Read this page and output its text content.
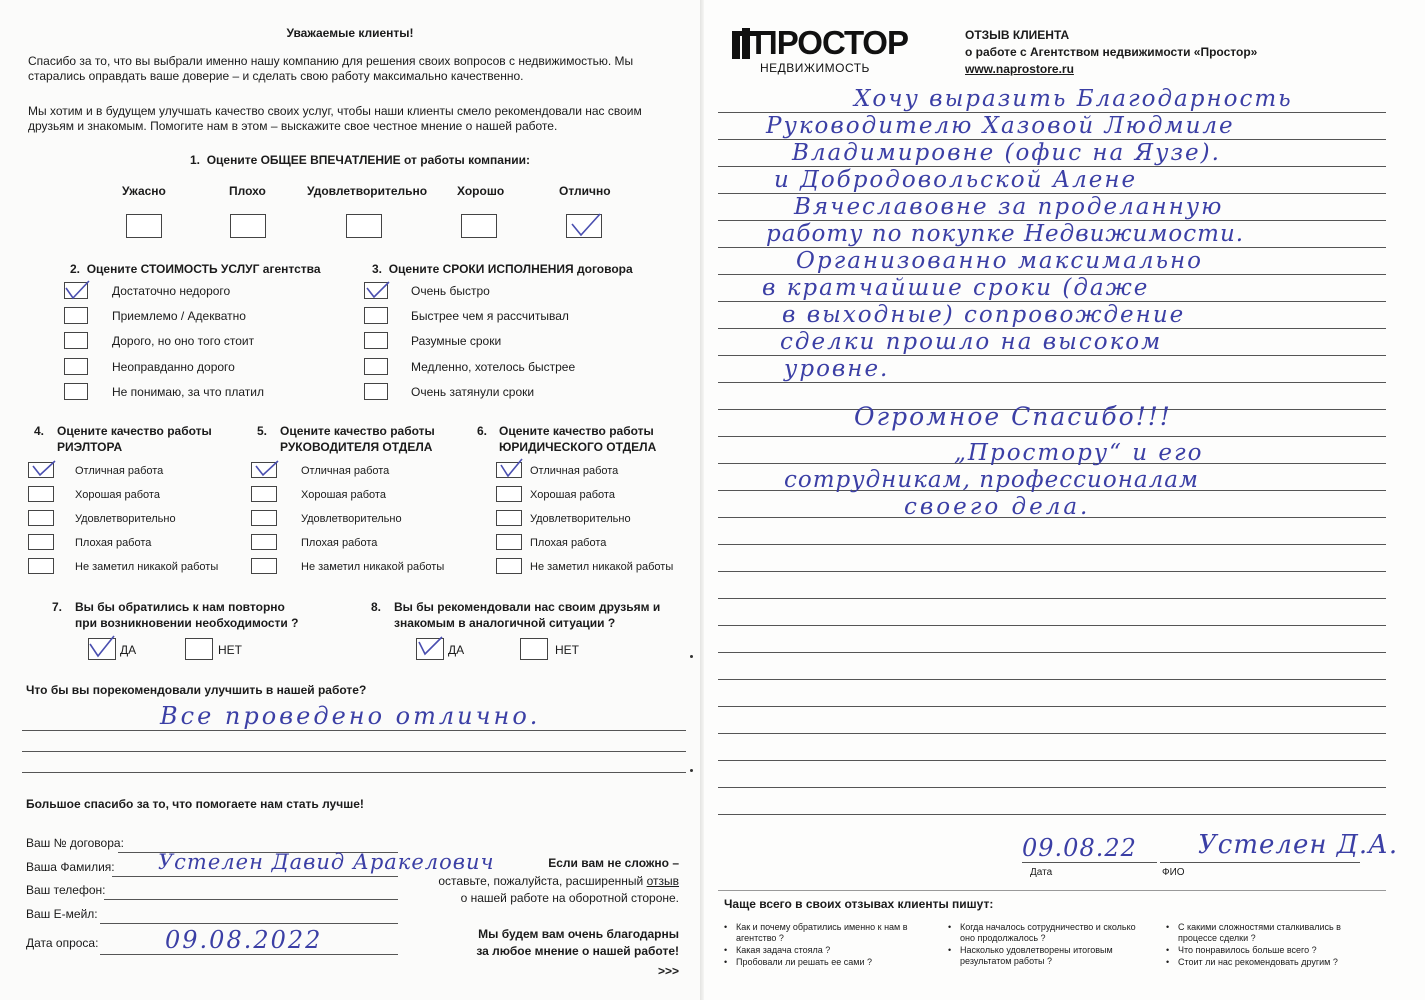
Уважаемые клиенты!
Спасибо за то, что вы выбрали именно нашу компанию для решения своих вопросов с недвижимостью. Мы старались оправдать ваше доверие – и сделать свою работу максимально качественно.
Мы хотим и в будущем улучшать качество своих услуг, чтобы наши клиенты смело рекомендовали нас своим друзьям и знакомым. Помогите нам в этом – выскажите свое честное мнение о нашей работе.
1. Оцените ОБЩЕЕ ВПЕЧАТЛЕНИЕ от работы компании:
Ужасно	Плохо	Удовлетворительно Хорошо	Отлично
2. Оцените СТОИМОСТЬ УСЛУГ агентства
Достаточно недорого
Приемлемо / Адекватно
Дорого, но оно того стоит
Неоправданно дорого
Не понимаю, за что платил
3. Оцените СРОКИ ИСПОЛНЕНИЯ договора
Очень быстро
Быстрее чем я рассчитывал
Разумные сроки
Медленно, хотелось быстрее
Очень затянули сроки
4. Оцените качество работы
РИЭЛТОРА
Отличная работа
Хорошая работа
Удовлетворительно
Плохая работа
Не заметил никакой работы
5. Оцените качество работы
РУКОВОДИТЕЛЯ ОТДЕЛА
Отличная работа
Хорошая работа
Удовлетворительно
Плохая работа
Не заметил никакой работы
6. Оцените качество работы
ЮРИДИЧЕСКОГО ОТДЕЛА
Отличная работа
Хорошая работа
Удовлетворительно
Плохая работа
Не заметил никакой работы
7. Вы бы обратились к нам повторно
при возникновении необходимости ?
ДА	НЕТ
8. Вы бы рекомендовали нас своим друзьям и
знакомым в аналогичной ситуации ?
ДА	НЕТ
Что бы вы порекомендовали улучшить в нашей работе?
Все проведено отлично.
Большое спасибо за то, что помогаете нам стать лучше!
Ваш № договора:
Ваша Фамилия: Устелен Давид Аракелович
Ваш телефон:
Ваш Е-мейл:
Дата опроса:	09.08.2022
Если вам не сложно –
оставьте, пожалуйста, расширенный отзыв
о нашей работе на оборотной стороне.
Мы будем вам очень благодарны
за любое мнение о нашей работе!
>>>
ПРОСТОР
НЕДВИЖИМОСТЬ
ОТЗЫВ КЛИЕНТА
о работе с Агентством недвижимости «Простор»
www.naprostore.ru
Хочу выразить Благодарность
Руководителю Хазовой Людмиле
Владимировне (офис на Яузе).
и Добродовольской Алене
Вячеславовне за проделанную
работу по покупке Недвижимости.
Организованно максимально
в кратчайшие сроки (даже
в выходные) сопровождение
сделки прошло на высоком
уровне.
Огромное Спасибо!!!
„Простору“ и его
сотрудникам, профессионалам
своего дела.
09.08.22 Устелен Д.А.
Дата	ФИО
Чаще всего в своих отзывах клиенты пишут:
• Как и почему обратились именно к нам в агентство ?
• Какая задача стояла ?
• Пробовали ли решать ее сами ?
• Когда началось сотрудничество и сколько оно продолжалось ?
• Насколько удовлетворены итоговым результатом работы ?
• С какими сложностями сталкивались в процессе сделки ?
• Что понравилось больше всего ?
• Стоит ли нас рекомендовать другим ?
